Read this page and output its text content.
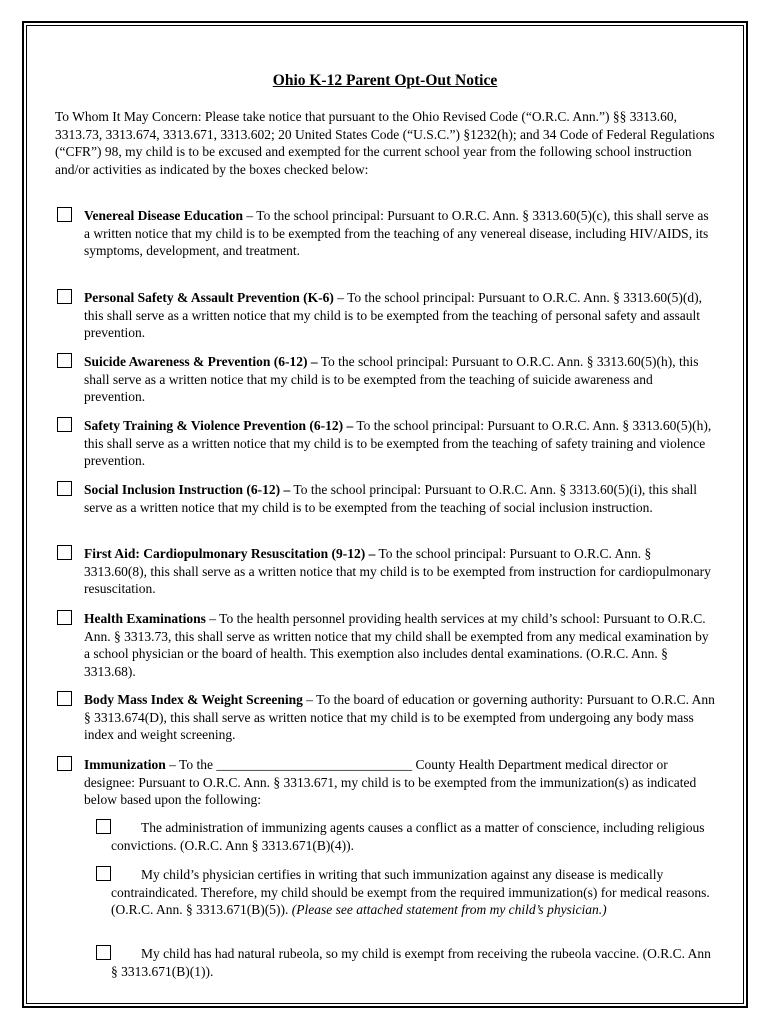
Ohio K-12 Parent Opt-Out Notice
To Whom It May Concern: Please take notice that pursuant to the Ohio Revised Code (“O.R.C. Ann.”) §§ 3313.60, 3313.73, 3313.674, 3313.671, 3313.602; 20 United States Code (“U.S.C.”) §1232(h); and 34 Code of Federal Regulations (“CFR”) 98, my child is to be excused and exempted for the current school year from the following school instruction and/or activities as indicated by the boxes checked below:
Venereal Disease Education – To the school principal: Pursuant to O.R.C. Ann. § 3313.60(5)(c), this shall serve as a written notice that my child is to be exempted from the teaching of any venereal disease, including HIV/AIDS, its symptoms, development, and treatment.
Personal Safety & Assault Prevention (K-6) – To the school principal: Pursuant to O.R.C. Ann. § 3313.60(5)(d), this shall serve as a written notice that my child is to be exempted from the teaching of personal safety and assault prevention.
Suicide Awareness & Prevention (6-12) – To the school principal: Pursuant to O.R.C. Ann. § 3313.60(5)(h), this shall serve as a written notice that my child is to be exempted from the teaching of suicide awareness and prevention.
Safety Training & Violence Prevention (6-12) – To the school principal: Pursuant to O.R.C. Ann. § 3313.60(5)(h), this shall serve as a written notice that my child is to be exempted from the teaching of safety training and violence prevention.
Social Inclusion Instruction (6-12) – To the school principal: Pursuant to O.R.C. Ann. § 3313.60(5)(i), this shall serve as a written notice that my child is to be exempted from the teaching of social inclusion instruction.
First Aid: Cardiopulmonary Resuscitation (9-12) – To the school principal: Pursuant to O.R.C. Ann. § 3313.60(8), this shall serve as a written notice that my child is to be exempted from instruction for cardiopulmonary resuscitation.
Health Examinations – To the health personnel providing health services at my child’s school: Pursuant to O.R.C. Ann. § 3313.73, this shall serve as written notice that my child shall be exempted from any medical examination by a school physician or the board of health. This exemption also includes dental examinations. (O.R.C. Ann. § 3313.68).
Body Mass Index & Weight Screening – To the board of education or governing authority: Pursuant to O.R.C. Ann § 3313.674(D), this shall serve as written notice that my child is to be exempted from undergoing any body mass index and weight screening.
Immunization – To the _____________________________ County Health Department medical director or designee: Pursuant to O.R.C. Ann. § 3313.671, my child is to be exempted from the immunization(s) as indicated below based upon the following:
The administration of immunizing agents causes a conflict as a matter of conscience, including religious convictions. (O.R.C. Ann § 3313.671(B)(4)).
My child’s physician certifies in writing that such immunization against any disease is medically contraindicated. Therefore, my child should be exempt from the required immunization(s) for medical reasons.(O.R.C. Ann. § 3313.671(B)(5)). (Please see attached statement from my child’s physician.)
My child has had natural rubeola, so my child is exempt from receiving the rubeola vaccine. (O.R.C. Ann § 3313.671(B)(1)).
